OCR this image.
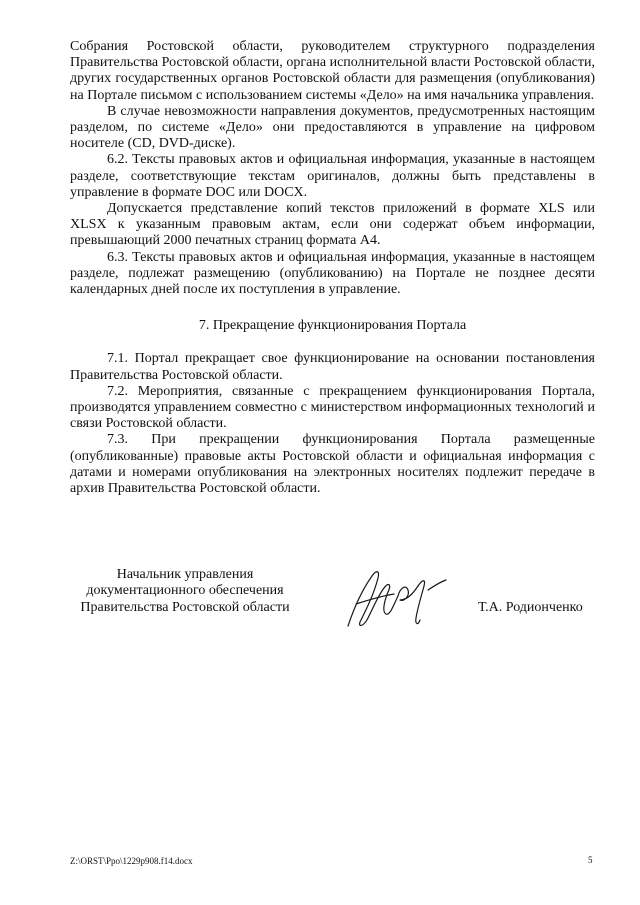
Собрания Ростовской области, руководителем структурного подразделения Правительства Ростовской области, органа исполнительной власти Ростовской области, других государственных органов Ростовской области для размещения (опубликования) на Портале письмом с использованием системы «Дело» на имя начальника управления.

В случае невозможности направления документов, предусмотренных настоящим разделом, по системе «Дело» они предоставляются в управление на цифровом носителе (CD, DVD-диске).

6.2. Тексты правовых актов и официальная информация, указанные в настоящем разделе, соответствующие текстам оригиналов, должны быть представлены в управление в формате DOC или DOCX.

Допускается представление копий текстов приложений в формате XLS или XLSX к указанным правовым актам, если они содержат объем информации, превышающий 2000 печатных страниц формата А4.

6.3. Тексты правовых актов и официальная информация, указанные в настоящем разделе, подлежат размещению (опубликованию) на Портале не позднее десяти календарных дней после их поступления в управление.

7. Прекращение функционирования Портала

7.1. Портал прекращает свое функционирование на основании постановления Правительства Ростовской области.

7.2. Мероприятия, связанные с прекращением функционирования Портала, производятся управлением совместно с министерством информационных технологий и связи Ростовской области.

7.3. При прекращении функционирования Портала размещенные (опубликованные) правовые акты Ростовской области и официальная информация с датами и номерами опубликования на электронных носителях подлежит передаче в архив Правительства Ростовской области.

Начальник управления
документационного обеспечения
Правительства Ростовской области	Т.А. Родионченко
Z:\ORST\Ppo\1229p908.f14.docx	5
